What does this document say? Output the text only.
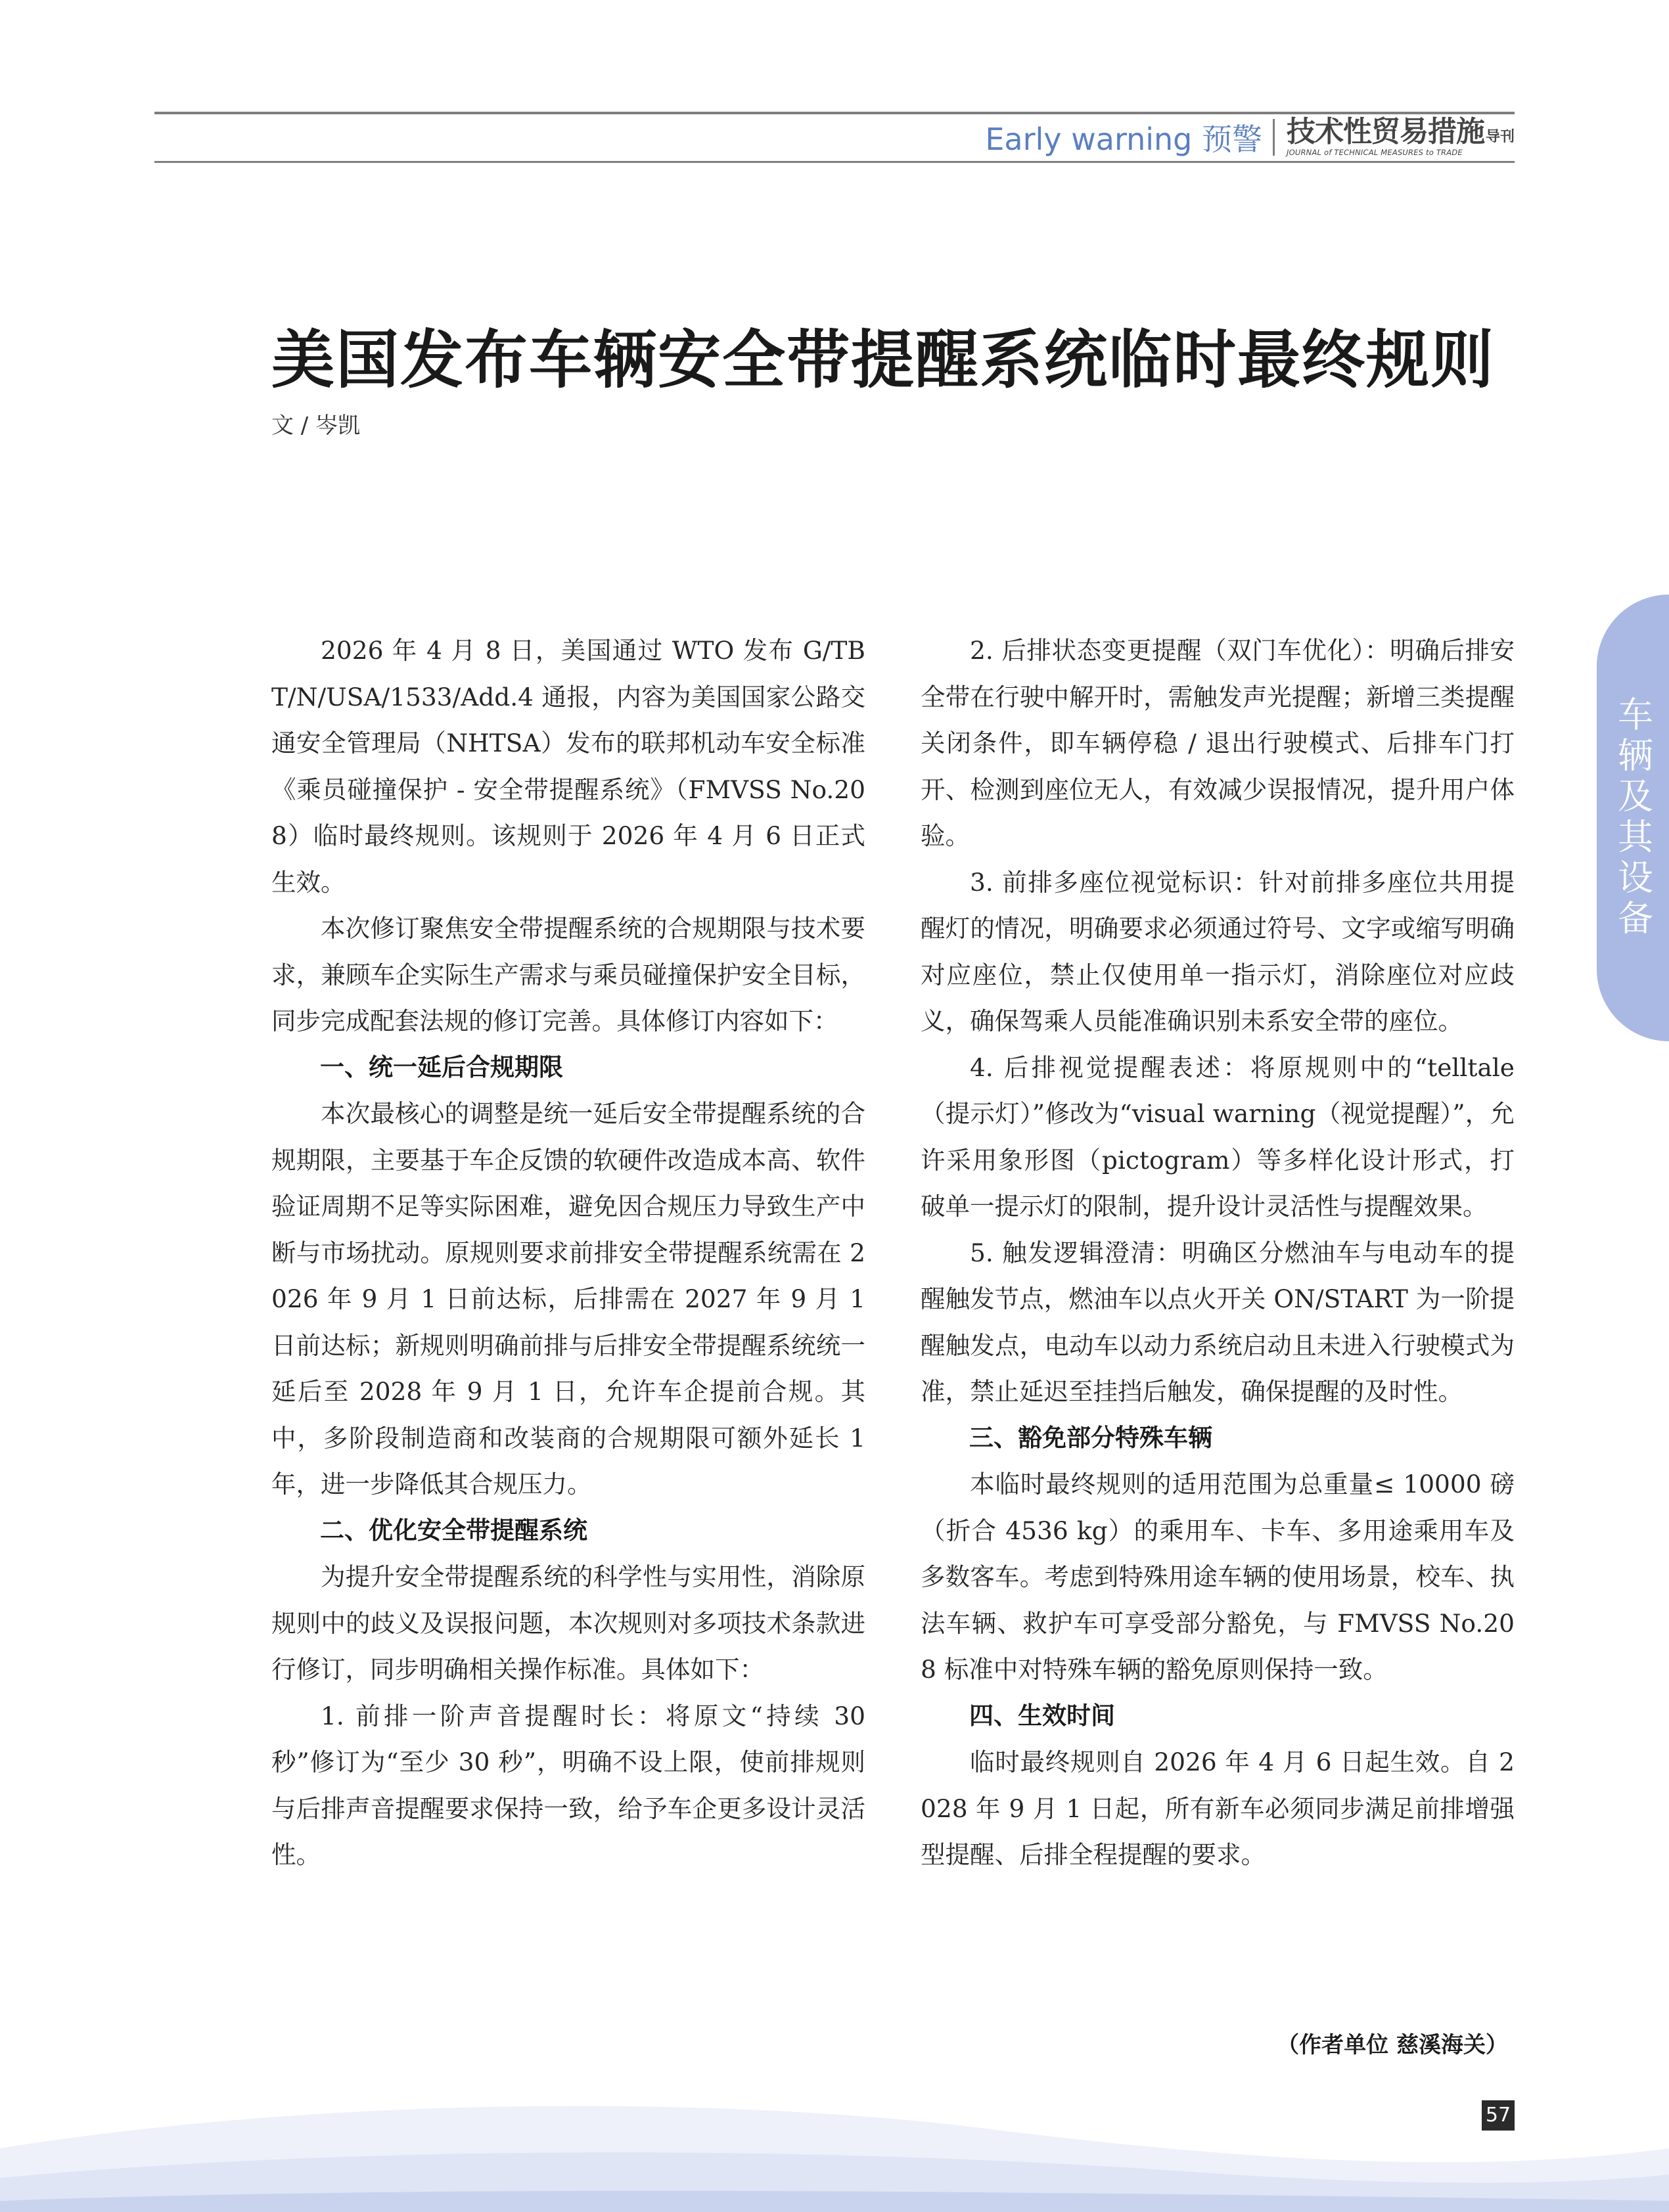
Early warning 预警 技术性贸易措施 导刊
JOURNAL of TECHNICAL MEASURES to TRADE
美国发布车辆安全带提醒系统临时最终规则
文 / 岑凯

2026 年 4 月 8 日，美国通过 WTO 发布 G/TBT/N/USA/1533/Add.4 通报，内容为美国国家公路交通安全管理局（NHTSA）发布的联邦机动车安全标准《乘员碰撞保护 - 安全带提醒系统》（FMVSS No.208）临时最终规则。该规则于 2026 年 4 月 6 日正式生效。

本次修订聚焦安全带提醒系统的合规期限与技术要求，兼顾车企实际生产需求与乘员碰撞保护安全目标，同步完成配套法规的修订完善。具体修订内容如下：

一、统一延后合规期限

本次最核心的调整是统一延后安全带提醒系统的合规期限，主要基于车企反馈的软硬件改造成本高、软件验证周期不足等实际困难，避免因合规压力导致生产中断与市场扰动。原规则要求前排安全带提醒系统需在 2026 年 9 月 1 日前达标，后排需在 2027 年 9 月 1 日前达标；新规则明确前排与后排安全带提醒系统统一延后至 2028 年 9 月 1 日，允许车企提前合规。其中，多阶段制造商和改装商的合规期限可额外延长 1 年，进一步降低其合规压力。

二、优化安全带提醒系统

为提升安全带提醒系统的科学性与实用性，消除原规则中的歧义及误报问题，本次规则对多项技术条款进行修订，同步明确相关操作标准。具体如下：

1. 前排一阶声音提醒时长：将原文“持续 30 秒”修订为“至少 30 秒”，明确不设上限，使前排规则与后排声音提醒要求保持一致，给予车企更多设计灵活性。

2. 后排状态变更提醒（双门车优化）：明确后排安全带在行驶中解开时，需触发声光提醒；新增三类提醒关闭条件，即车辆停稳 / 退出行驶模式、后排车门打开、检测到座位无人，有效减少误报情况，提升用户体验。

3. 前排多座位视觉标识：针对前排多座位共用提醒灯的情况，明确要求必须通过符号、文字或缩写明确对应座位，禁止仅使用单一指示灯，消除座位对应歧义，确保驾乘人员能准确识别未系安全带的座位。

4. 后排视觉提醒表述：将原规则中的“telltale（提示灯）”修改为“visual warning（视觉提醒）”，允许采用象形图（pictogram）等多样化设计形式，打破单一提示灯的限制，提升设计灵活性与提醒效果。

5. 触发逻辑澄清：明确区分燃油车与电动车的提醒触发节点，燃油车以点火开关 ON/START 为一阶提醒触发点，电动车以动力系统启动且未进入行驶模式为准，禁止延迟至挂挡后触发，确保提醒的及时性。

三、豁免部分特殊车辆

本临时最终规则的适用范围为总重量≤ 10000 磅（折合 4536 kg）的乘用车、卡车、多用途乘用车及多数客车。考虑到特殊用途车辆的使用场景，校车、执法车辆、救护车可享受部分豁免，与 FMVSS No.208 标准中对特殊车辆的豁免原则保持一致。

四、生效时间

临时最终规则自 2026 年 4 月 6 日起生效。自 2028 年 9 月 1 日起，所有新车必须同步满足前排增强型提醒、后排全程提醒的要求。

（作者单位 慈溪海关）
车辆及其设备
57
